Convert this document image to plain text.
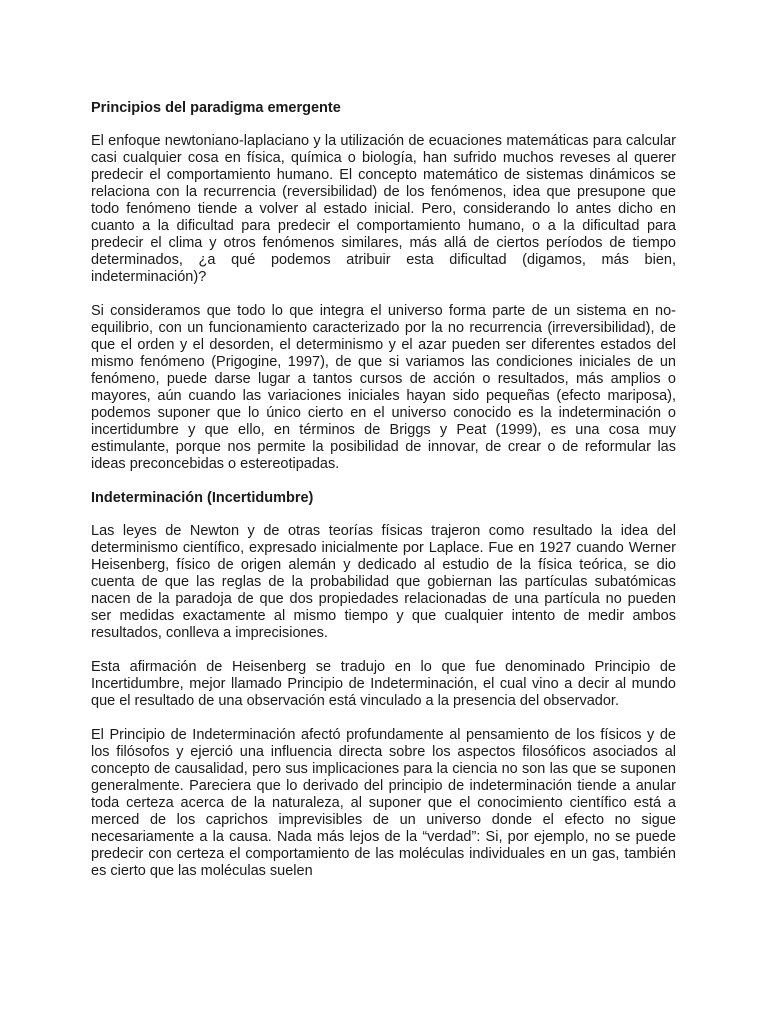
Principios del paradigma emergente

El enfoque newtoniano-laplaciano y la utilización de ecuaciones matemáticas para calcular casi cualquier cosa en física, química o biología, han sufrido muchos reveses al querer predecir el comportamiento humano. El concepto matemático de sistemas dinámicos se relaciona con la recurrencia (reversibilidad) de los fenómenos, idea que presupone que todo fenómeno tiende a volver al estado inicial. Pero, considerando lo antes dicho en cuanto a la dificultad para predecir el comportamiento humano, o a la dificultad para predecir el clima y otros fenómenos similares, más allá de ciertos períodos de tiempo determinados, ¿a qué podemos atribuir esta dificultad (digamos, más bien, indeterminación)?

Si consideramos que todo lo que integra el universo forma parte de un sistema en no-equilibrio, con un funcionamiento caracterizado por la no recurrencia (irreversibilidad), de que el orden y el desorden, el determinismo y el azar pueden ser diferentes estados del mismo fenómeno (Prigogine, 1997), de que si variamos las condiciones iniciales de un fenómeno, puede darse lugar a tantos cursos de acción o resultados, más amplios o mayores, aún cuando las variaciones iniciales hayan sido pequeñas (efecto mariposa), podemos suponer que lo único cierto en el universo conocido es la indeterminación o incertidumbre y que ello, en términos de Briggs y Peat (1999), es una cosa muy estimulante, porque nos permite la posibilidad de innovar, de crear o de reformular las ideas preconcebidas o estereotipadas.

Indeterminación (Incertidumbre)

Las leyes de Newton y de otras teorías físicas trajeron como resultado la idea del determinismo científico, expresado inicialmente por Laplace. Fue en 1927 cuando Werner Heisenberg, físico de origen alemán y dedicado al estudio de la física teórica, se dio cuenta de que las reglas de la probabilidad que gobiernan las partículas subatómicas nacen de la paradoja de que dos propiedades relacionadas de una partícula no pueden ser medidas exactamente al mismo tiempo y que cualquier intento de medir ambos resultados, conlleva a imprecisiones.

Esta afirmación de Heisenberg se tradujo en lo que fue denominado Principio de Incertidumbre, mejor llamado Principio de Indeterminación, el cual vino a decir al mundo que el resultado de una observación está vinculado a la presencia del observador.

El Principio de Indeterminación afectó profundamente al pensamiento de los físicos y de los filósofos y ejerció una influencia directa sobre los aspectos filosóficos asociados al concepto de causalidad, pero sus implicaciones para la ciencia no son las que se suponen generalmente. Pareciera que lo derivado del principio de indeterminación tiende a anular toda certeza acerca de la naturaleza, al suponer que el conocimiento científico está a merced de los caprichos imprevisibles de un universo donde el efecto no sigue necesariamente a la causa. Nada más lejos de la “verdad”: Si, por ejemplo, no se puede predecir con certeza el comportamiento de las moléculas individuales en un gas, también es cierto que las moléculas suelen
